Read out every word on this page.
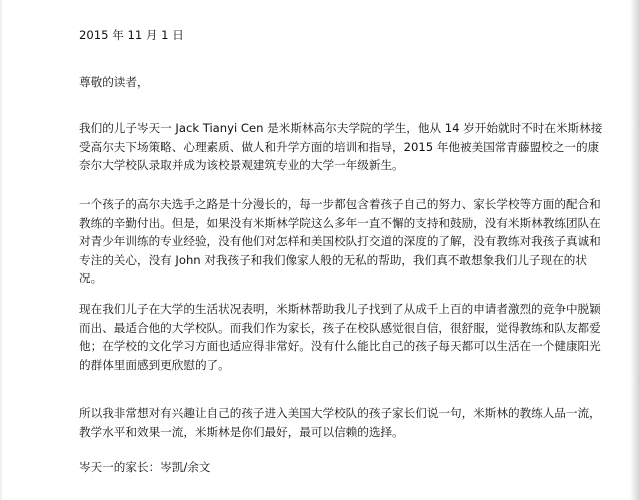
2015 年 11 月 1 日

尊敬的读者，

我们的儿子岑天一 Jack Tianyi Cen 是米斯林高尔夫学院的学生，他从 14 岁开始就时不时在米斯林接受高尔夫下场策略、心理素质、做人和升学方面的培训和指导，2015 年他被美国常青藤盟校之一的康奈尔大学校队录取并成为该校景观建筑专业的大学一年级新生。

一个孩子的高尔夫选手之路是十分漫长的，每一步都包含着孩子自己的努力、家长学校等方面的配合和教练的辛勤付出。但是，如果没有米斯林学院这么多年一直不懈的支持和鼓励，没有米斯林教练团队在对青少年训练的专业经验，没有他们对怎样和美国校队打交道的深度的了解，没有教练对我孩子真诚和专注的关心，没有 John 对我孩子和我们像家人般的无私的帮助，我们真不敢想象我们儿子现在的状况。

现在我们儿子在大学的生活状况表明，米斯林帮助我儿子找到了从成千上百的申请者激烈的竞争中脱颖而出、最适合他的大学校队。而我们作为家长，孩子在校队感觉很自信，很舒服，觉得教练和队友都爱他；在学校的文化学习方面也适应得非常好。没有什么能比自己的孩子每天都可以生活在一个健康阳光的群体里面感到更欣慰的了。

所以我非常想对有兴趣让自己的孩子进入美国大学校队的孩子家长们说一句，米斯林的教练人品一流，教学水平和效果一流，米斯林是你们最好，最可以信赖的选择。

岑天一的家长：岑凯/余文
